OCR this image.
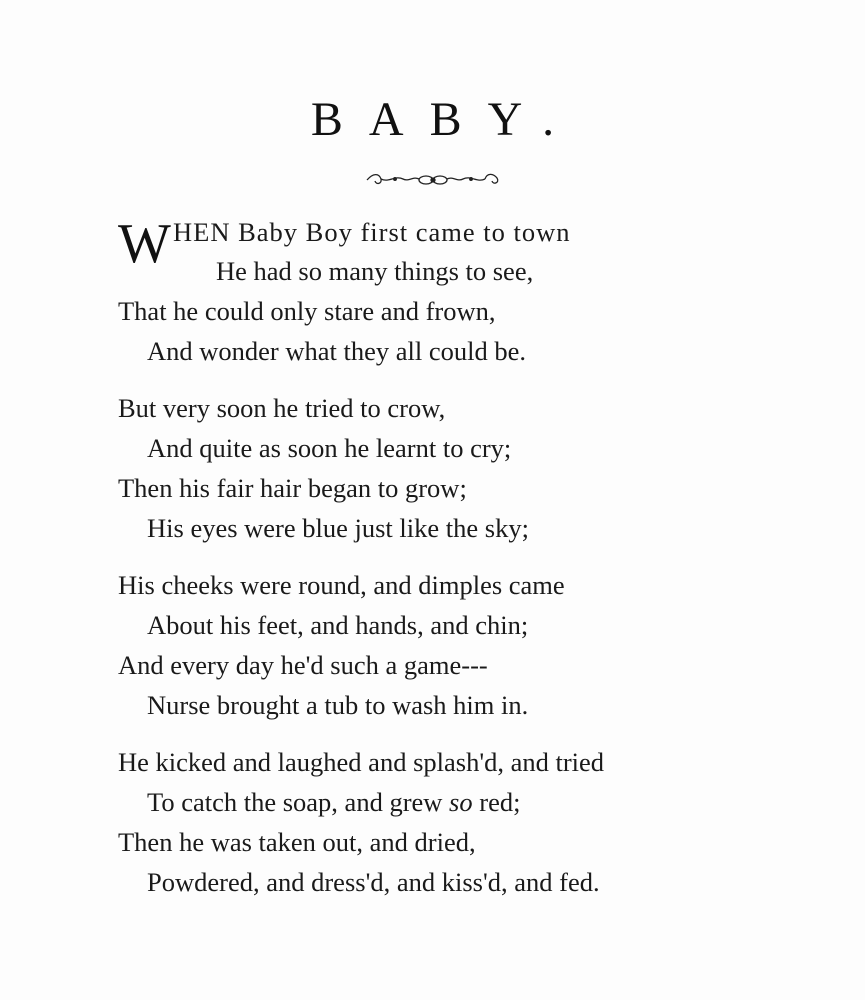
BABY.
W HEN Baby Boy first came to town
He had so many things to see,
That he could only stare and frown,
And wonder what they all could be.
But very soon he tried to crow,
And quite as soon he learnt to cry;
Then his fair hair began to grow;
His eyes were blue just like the sky;
His cheeks were round, and dimples came
About his feet, and hands, and chin;
And every day he'd such a game---
Nurse brought a tub to wash him in.
He kicked and laughed and splash'd, and tried
To catch the soap, and grew so red;
Then he was taken out, and dried,
Powdered, and dress'd, and kiss'd, and fed.
